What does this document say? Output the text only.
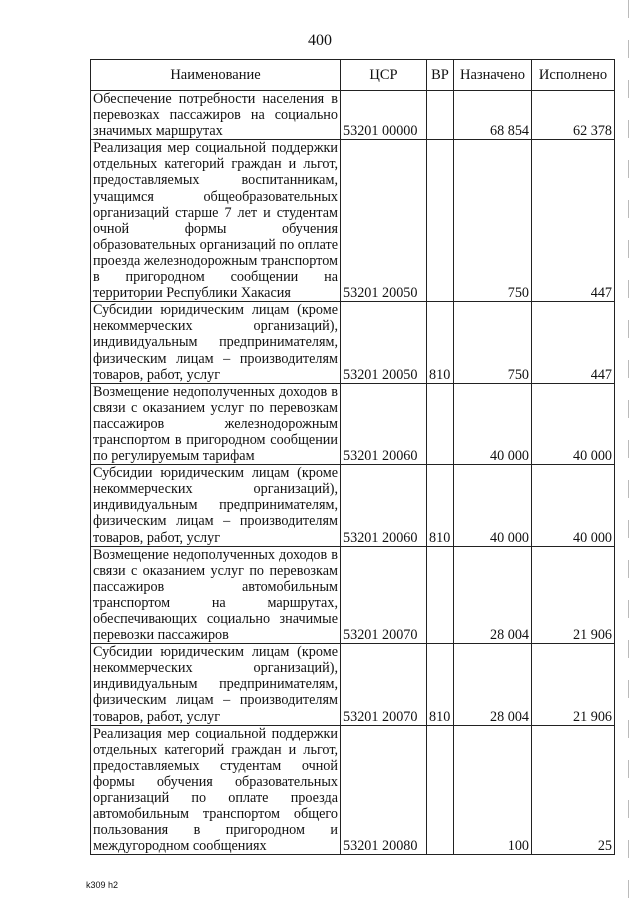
400
Наименование	ЦСР	ВР	Назначено	Исполнено
Обеспечение потребности населения в перевозках пассажиров на социально значимых маршрутах	53201 00000		68 854	62 378
Реализация мер социальной поддержки отдельных категорий граждан и льгот, предоставляемых воспитанникам, учащимся общеобразовательных организаций старше 7 лет и студентам очной формы обучения образовательных организаций по оплате проезда железнодорожным транспортом в пригородном сообщении на территории Республики Хакасия	53201 20050		750	447
Субсидии юридическим лицам (кроме некоммерческих организаций), индивидуальным предпринимателям, физическим лицам – производителям товаров, работ, услуг	53201 20050	810	750	447
Возмещение недополученных доходов в связи с оказанием услуг по перевозкам пассажиров железнодорожным транспортом в пригородном сообщении по регулируемым тарифам	53201 20060		40 000	40 000
Субсидии юридическим лицам (кроме некоммерческих организаций), индивидуальным предпринимателям, физическим лицам – производителям товаров, работ, услуг	53201 20060	810	40 000	40 000
Возмещение недополученных доходов в связи с оказанием услуг по перевозкам пассажиров автомобильным транспортом на маршрутах, обеспечивающих социально значимые перевозки пассажиров	53201 20070		28 004	21 906
Субсидии юридическим лицам (кроме некоммерческих организаций), индивидуальным предпринимателям, физическим лицам – производителям товаров, работ, услуг	53201 20070	810	28 004	21 906
Реализация мер социальной поддержки отдельных категорий граждан и льгот, предоставляемых студентам очной формы обучения образовательных организаций по оплате проезда автомобильным транспортом общего пользования в пригородном и междугородном сообщениях	53201 20080		100	25
k309 h2
